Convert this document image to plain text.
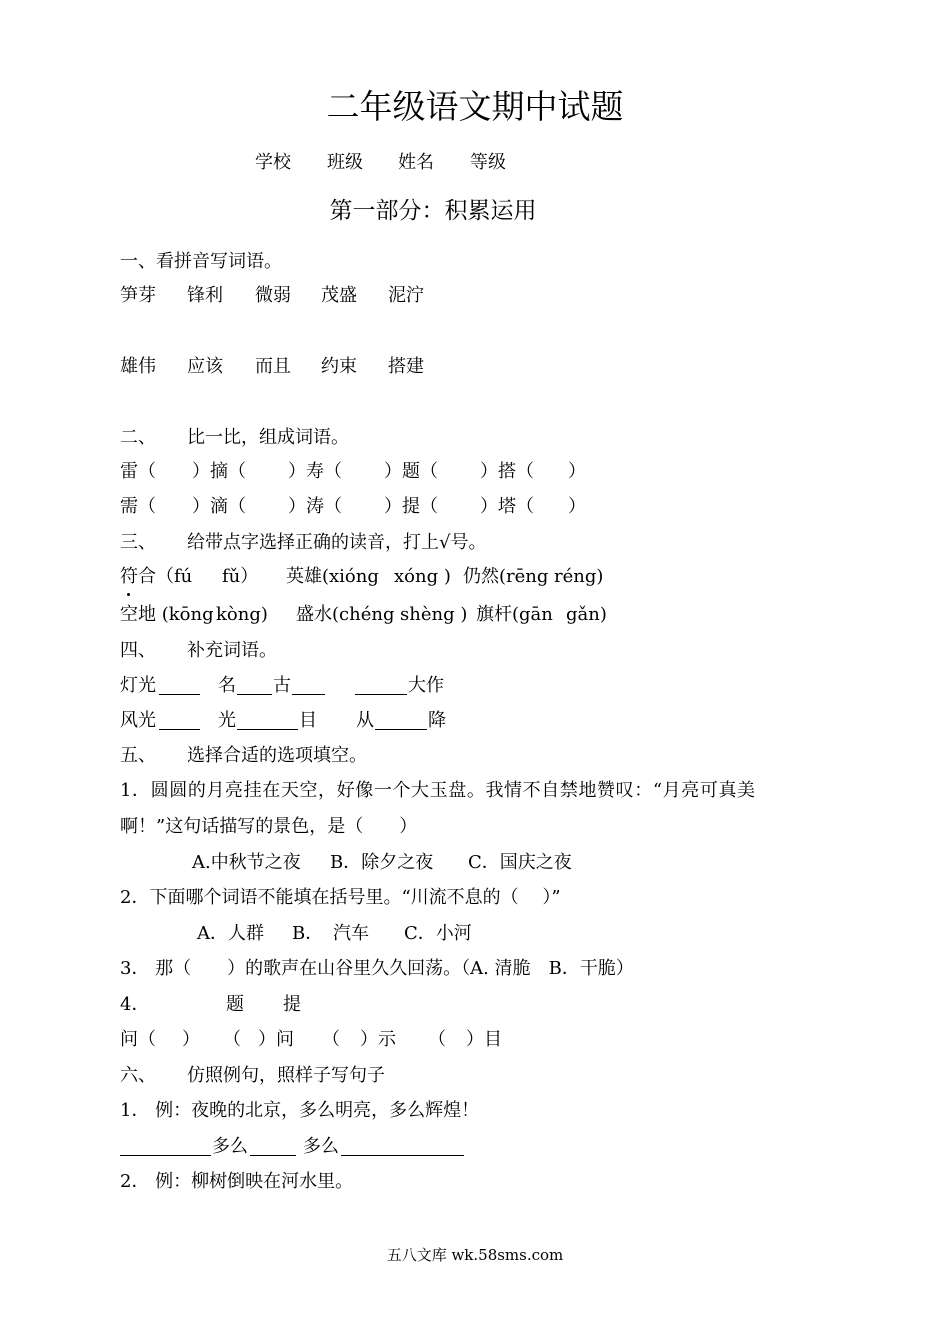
二年级语文期中试题
学校 班级 姓名 等级
第一部分：积累运用
一、看拼音写词语。
笋芽 锋利 微弱 茂盛 泥泞
雄伟 应该 而且 约束 搭建
二、 比一比，组成词语。
雷（ ）摘（ ）寿（ ）题（ ）搭（ ）
需（ ）滴（ ）涛（ ）提（ ）塔（ ）
三、 给带点字选择正确的读音，打上√号。
符合（fú fǔ） 英雄(xióng xóng ) 仍然(rēng réng)
空地 (kōng kòng) 盛水(chéng shèng ) 旗杆(gān gǎn)
四、 补充词语。
灯光	名 古	大作
风光	光	目 从	降
五、 选择合适的选项填空。
1．圆圆的月亮挂在天空，好像一个大玉盘。我情不自禁地赞叹：“月亮可真美
啊！”这句话描写的景色，是（　　）
A.中秋节之夜 B．除夕之夜 C．国庆之夜
2．下面哪个词语不能填在括号里。“川流不息的（　 ）”
A．人群 B． 汽车 C．小河
3． 那（　　）的歌声在山谷里久久回荡。（A. 清脆　B．干脆）
4．	题 提
问（ ） （ ）问 （ ）示 （ ）目
六、 仿照例句，照样子写句子
1． 例：夜晚的北京，多么明亮，多么辉煌！
多么	多么
2． 例：柳树倒映在河水里。
五八文库 wk.58sms.com
